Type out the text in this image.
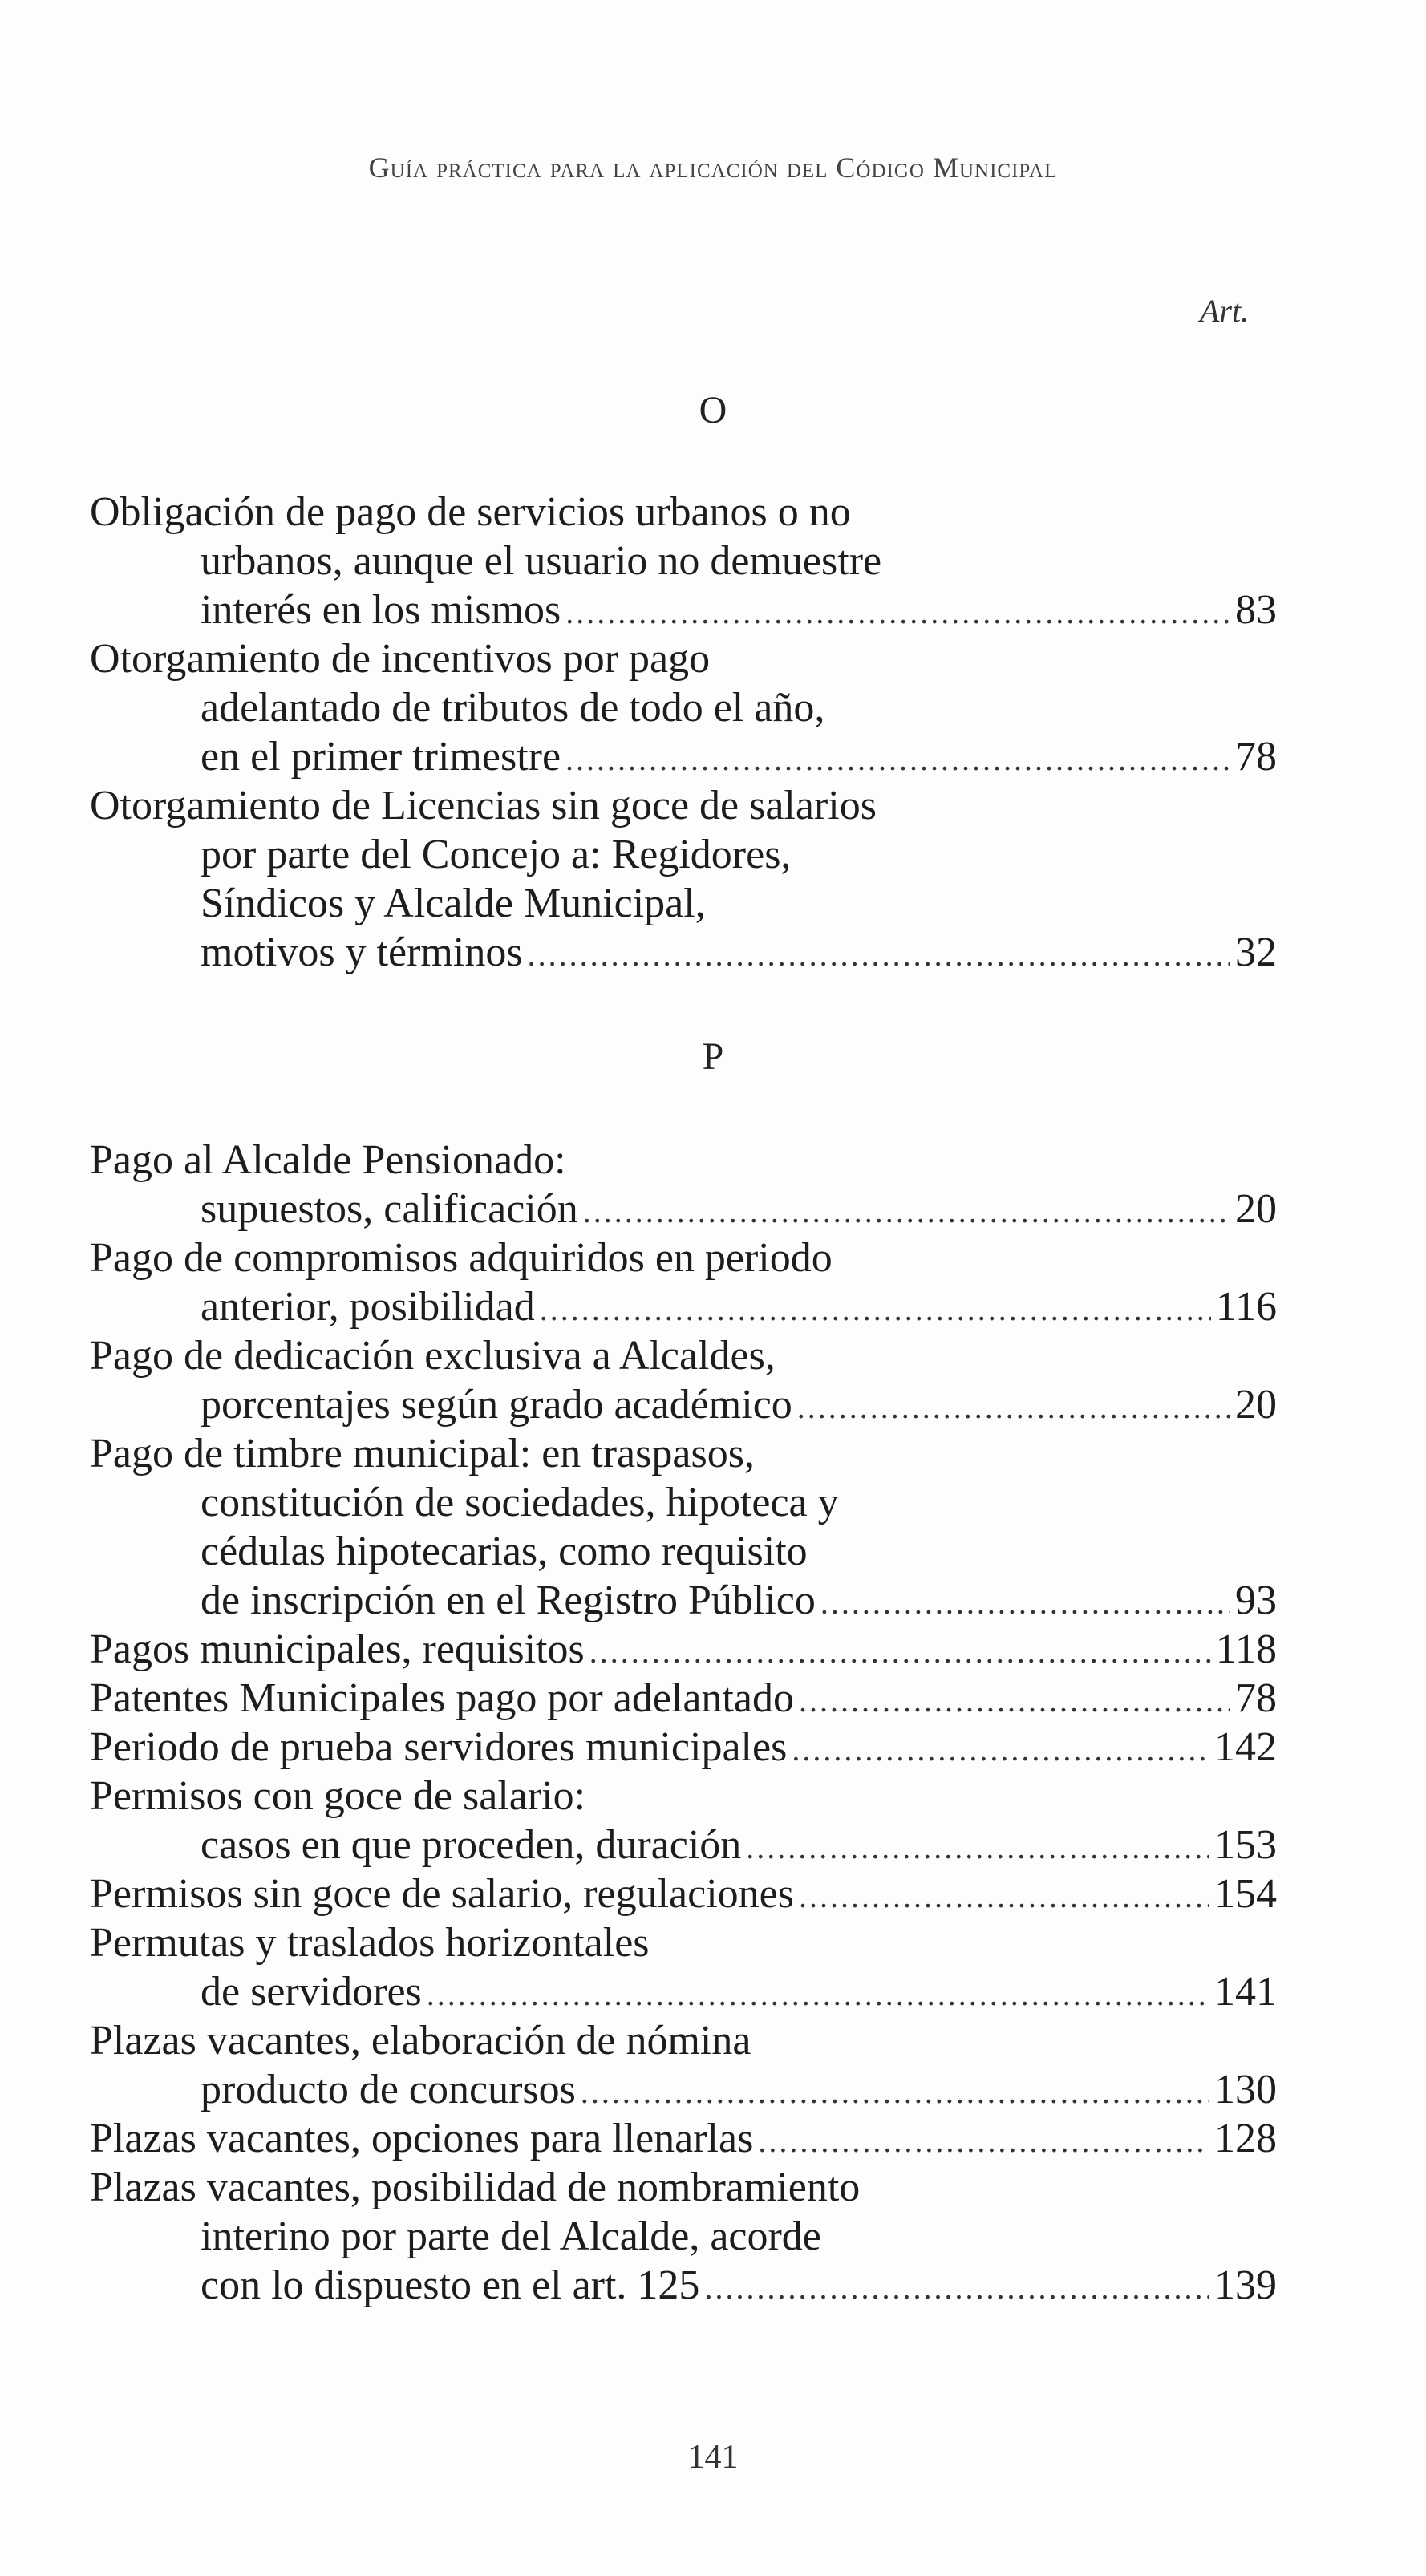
Guía práctica para la aplicación del Código Municipal
Art.
O
Obligación de pago de servicios urbanos o no
urbanos, aunque el usuario no demuestre
interés en los mismos .....	83
Otorgamiento de incentivos por pago
adelantado de tributos de todo el año,
en el primer trimestre .....	78
Otorgamiento de Licencias sin goce de salarios
por parte del Concejo a: Regidores,
Síndicos y Alcalde Municipal,
motivos y términos .....	32
P
Pago al Alcalde Pensionado:
supuestos, calificación .....	20
Pago de compromisos adquiridos en periodo
anterior, posibilidad .....	116
Pago de dedicación exclusiva a Alcaldes,
porcentajes según grado académico .....	20
Pago de timbre municipal: en traspasos,
constitución de sociedades, hipoteca y
cédulas hipotecarias, como requisito
de inscripción en el Registro Público .....	93
Pagos municipales, requisitos .....	118
Patentes Municipales pago por adelantado .....	78
Periodo de prueba servidores municipales .....	142
Permisos con goce de salario:
casos en que proceden, duración .....	153
Permisos sin goce de salario, regulaciones .....	154
Permutas y traslados horizontales
de servidores .....	141
Plazas vacantes, elaboración de nómina
producto de concursos .....	130
Plazas vacantes, opciones para llenarlas .....	128
Plazas vacantes, posibilidad de nombramiento
interino por parte del Alcalde, acorde
con lo dispuesto en el art. 125 .....	139
141
